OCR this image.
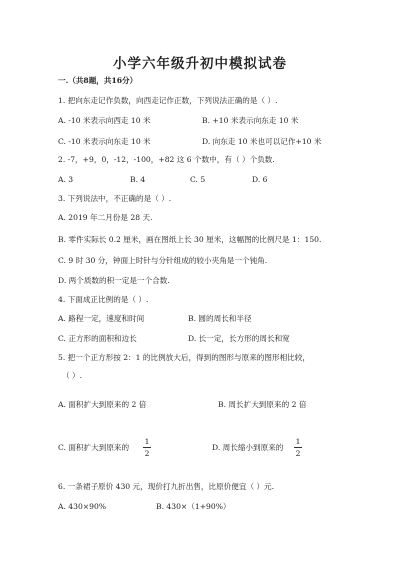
小学六年级升初中模拟试卷
一.（共8题，共16分）
1. 把向东走记作负数，向西走记作正数，下列说法正确的是（ ）.
A. -10 米表示向西走 10 米	B. +10 米表示向东走 10 米
C. -10 米表示向东走 10 米	D. 向东走 10 米也可以记作+10 米
2. -7，+9，0，-12，-100，+82 这 6 个数中，有（ ）个负数.
A. 3	B. 4	C. 5	D. 6
3. 下列说法中，不正确的是（ ）.
A. 2019 年二月份是 28 天.
B. 零件实际长 0.2 厘米，画在图纸上长 30 厘米，这幅图的比例尺是 1：150.
C. 9 时 30 分，钟面上时针与分针组成的较小夹角是一个钝角.
D. 两个质数的积一定是一个合数.
4. 下面成正比例的是（ ）.
A. 路程一定，速度和时间	B. 圆的周长和半径
C. 正方形的面积和边长	D. 长一定，长方形的周长和宽
5. 把一个正方形按 2：1 的比例放大后，得到的图形与原来的图形相比较，
（ ）.
A. 面积扩大到原来的 2 倍	B. 周长扩大到原来的 2 倍
C. 面积扩大到原来的
1
2
D. 周长缩小到原来的
1
2
6. 一条裙子原价 430 元，现价打九折出售，比原价便宜（ ）元.
A. 430×90%	B. 430×（1+90%）
